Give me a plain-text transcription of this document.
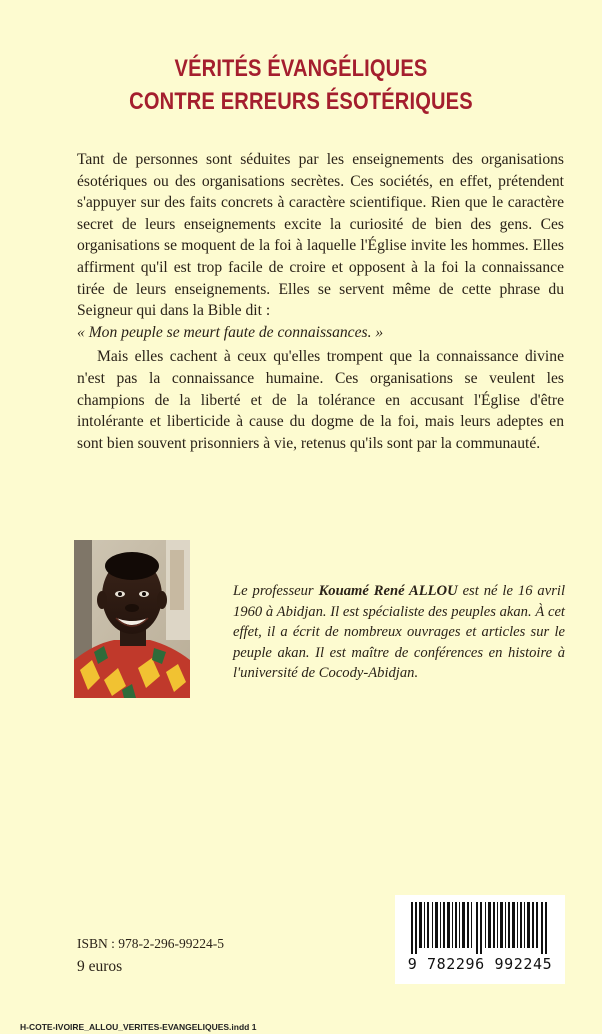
VÉRITÉS ÉVANGÉLIQUES
CONTRE ERREURS ÉSOTÉRIQUES

Tant de personnes sont séduites par les enseignements des organisations ésotériques ou des organisations secrètes. Ces sociétés, en effet, prétendent s'appuyer sur des faits concrets à caractère scientifique. Rien que le caractère secret de leurs enseignements excite la curiosité de bien des gens. Ces organisations se moquent de la foi à laquelle l'Église invite les hommes. Elles affirment qu'il est trop facile de croire et opposent à la foi la connaissance tirée de leurs enseignements. Elles se servent même de cette phrase du Seigneur qui dans la Bible dit :
« Mon peuple se meurt faute de connaissances. »

Mais elles cachent à ceux qu'elles trompent que la connaissance divine n'est pas la connaissance humaine. Ces organisations se veulent les champions de la liberté et de la tolérance en accusant l'Église d'être intolérante et liberticide à cause du dogme de la foi, mais leurs adeptes en sont bien souvent prisonniers à vie, retenus qu'ils sont par la communauté.

Le professeur Kouamé René ALLOU est né le 16 avril 1960 à Abidjan. Il est spécialiste des peuples akan. À cet effet, il a écrit de nombreux ouvrages et articles sur le peuple akan. Il est maître de conférences en histoire à l'université de Cocody-Abidjan.
ISBN : 978-2-296-99224-5
9 euros	9 782296 992245
H-COTE-IVOIRE_ALLOU_VERITES-EVANGELIQUES.indd 1
